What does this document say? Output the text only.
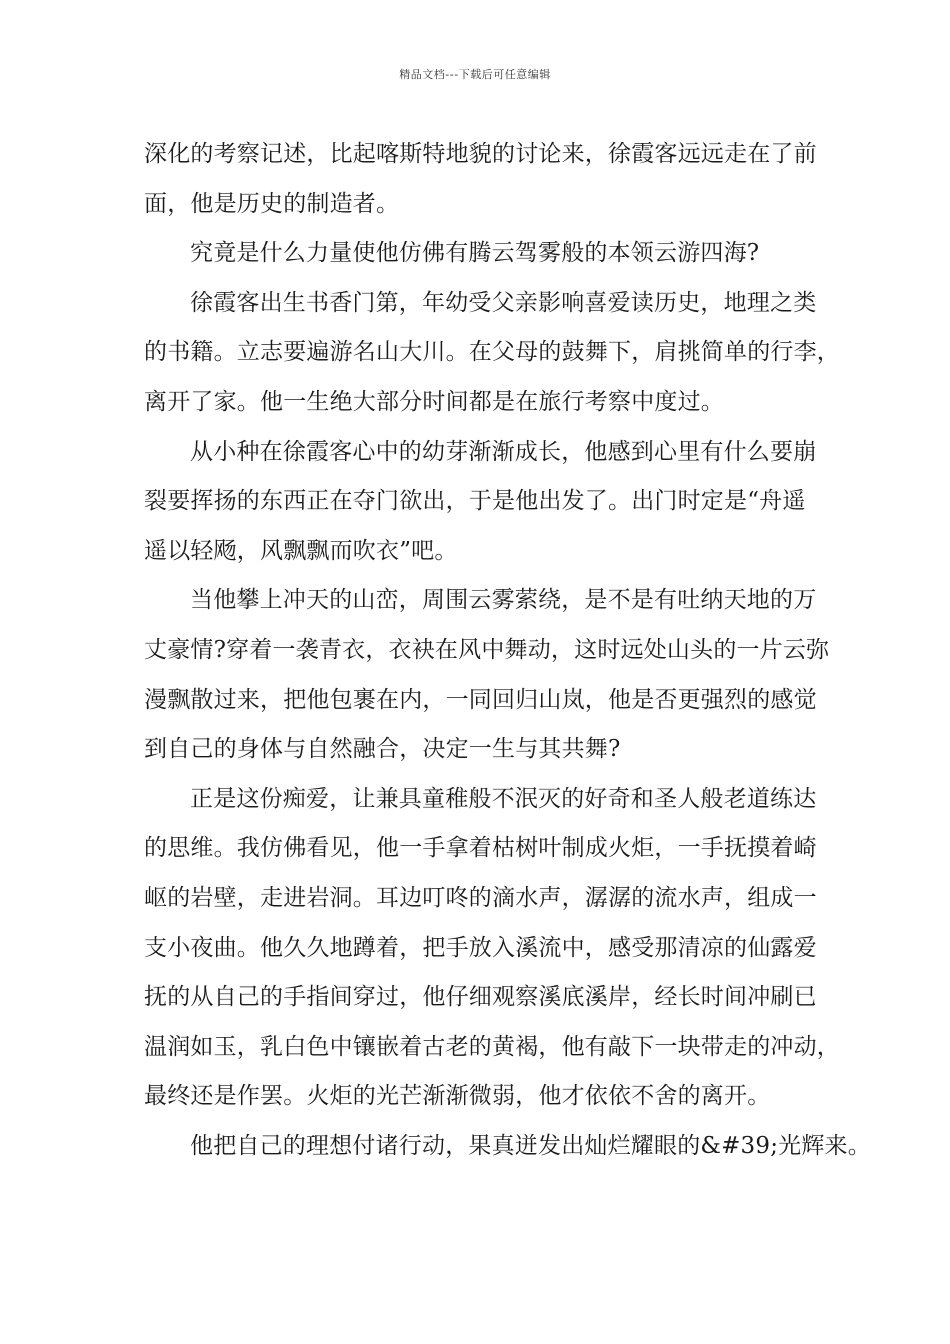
精品文档---下载后可任意编辑
深化的考察记述，比起喀斯特地貌的讨论来，徐霞客远远走在了前
面，他是历史的制造者。
究竟是什么力量使他仿佛有腾云驾雾般的本领云游四海?
徐霞客出生书香门第，年幼受父亲影响喜爱读历史，地理之类
的书籍。立志要遍游名山大川。在父母的鼓舞下，肩挑简单的行李，
离开了家。他一生绝大部分时间都是在旅行考察中度过。
从小种在徐霞客心中的幼芽渐渐成长，他感到心里有什么要崩
裂要挥扬的东西正在夺门欲出，于是他出发了。出门时定是“舟遥
遥以轻飏，风飘飘而吹衣”吧。
当他攀上冲天的山峦，周围云雾萦绕，是不是有吐纳天地的万
丈豪情?穿着一袭青衣，衣袂在风中舞动，这时远处山头的一片云弥
漫飘散过来，把他包裹在内，一同回归山岚，他是否更强烈的感觉
到自己的身体与自然融合，决定一生与其共舞?
正是这份痴爱，让兼具童稚般不泯灭的好奇和圣人般老道练达
的思维。我仿佛看见，他一手拿着枯树叶制成火炬，一手抚摸着崎
岖的岩壁，走进岩洞。耳边叮咚的滴水声，潺潺的流水声，组成一
支小夜曲。他久久地蹲着，把手放入溪流中，感受那清凉的仙露爱
抚的从自己的手指间穿过，他仔细观察溪底溪岸，经长时间冲刷已
温润如玉，乳白色中镶嵌着古老的黄褐，他有敲下一块带走的冲动，
最终还是作罢。火炬的光芒渐渐微弱，他才依依不舍的离开。
他把自己的理想付诸行动，果真迸发出灿烂耀眼的&#39;光辉来。
